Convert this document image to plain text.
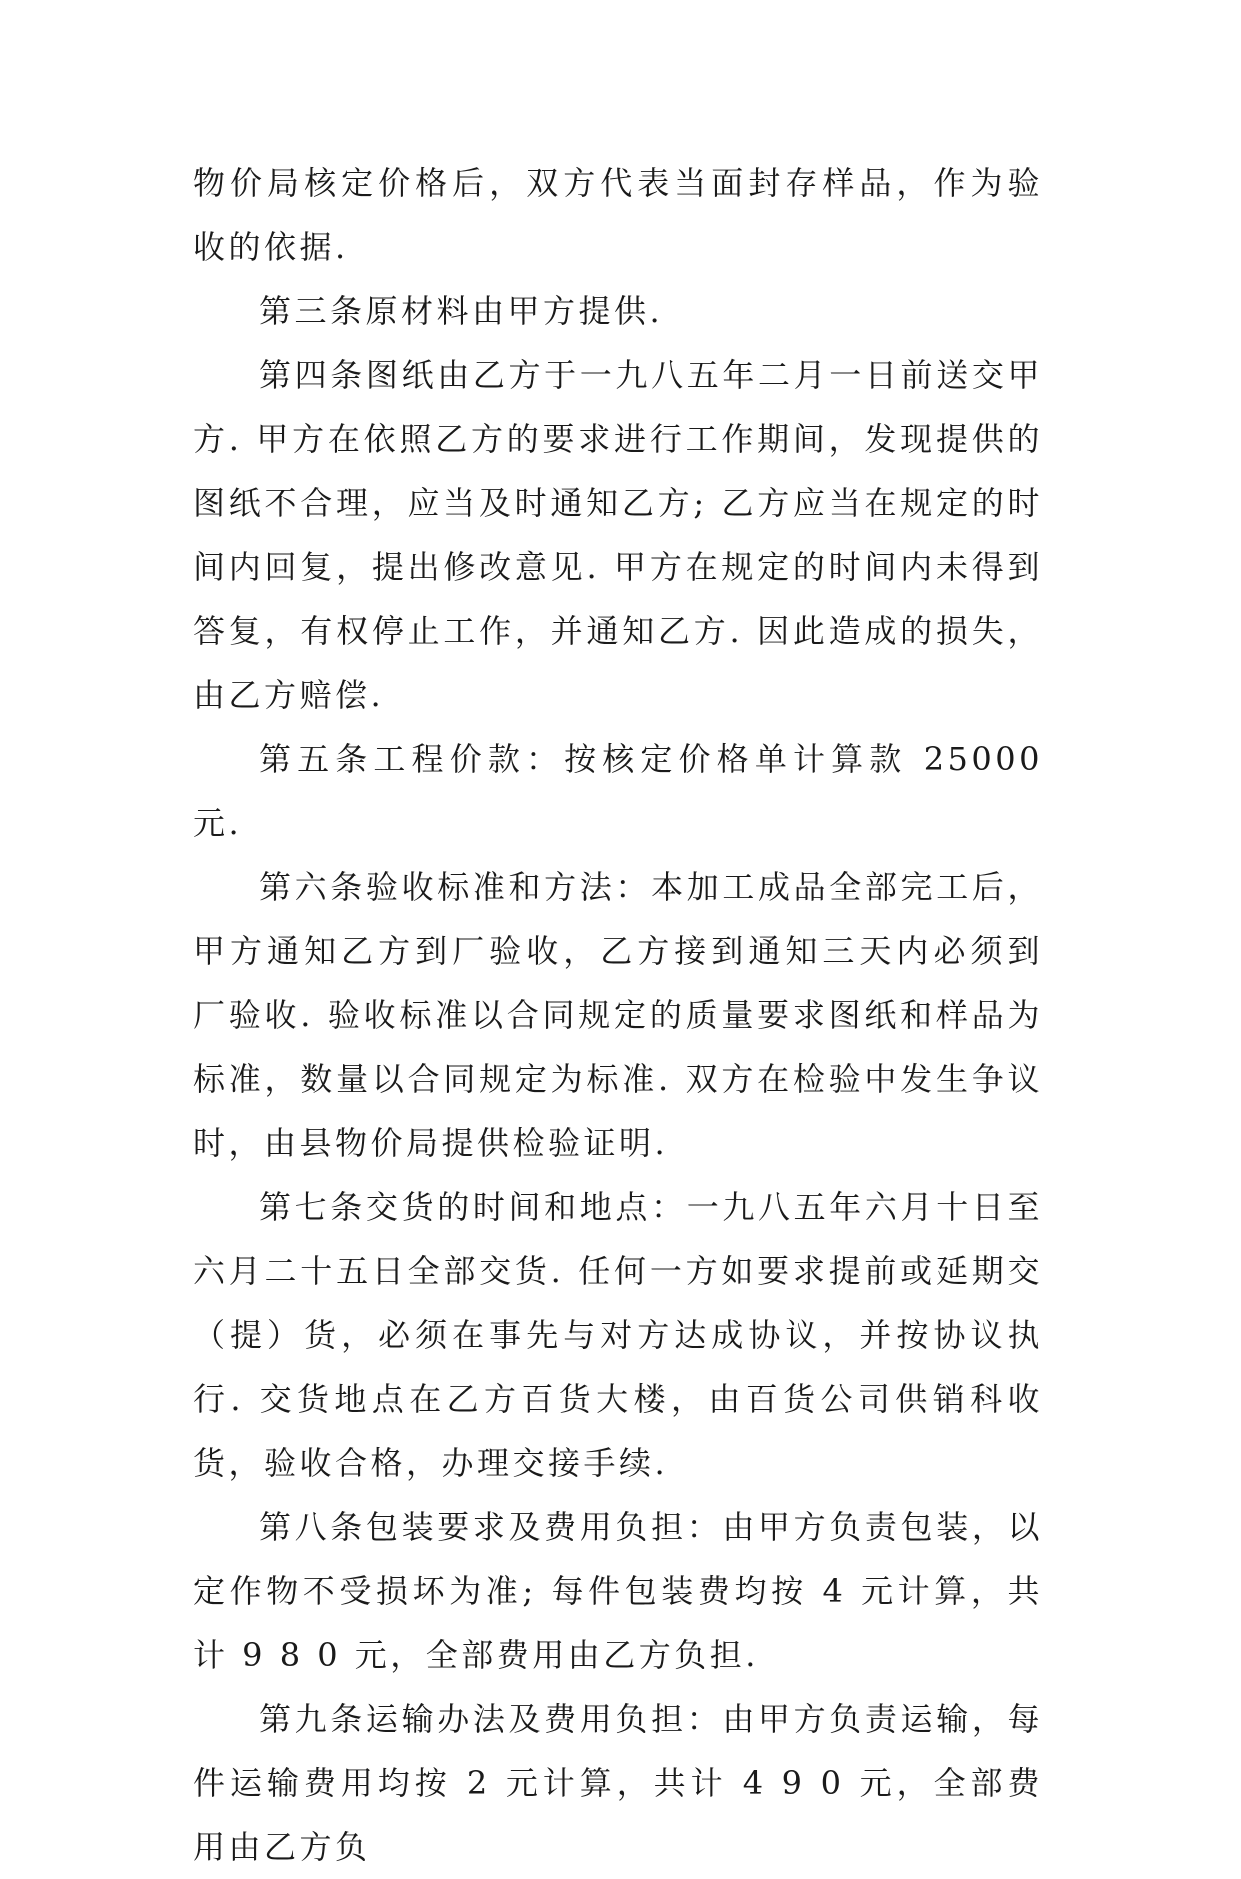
物价局核定价格后，双方代表当面封存样品，作为验收的依据.

第三条原材料由甲方提供.

第四条图纸由乙方于一九八五年二月一日前送交甲方. 甲方在依照乙方的要求进行工作期间，发现提供的图纸不合理，应当及时通知乙方; 乙方应当在规定的时间内回复，提出修改意见. 甲方在规定的时间内未得到答复，有权停止工作，并通知乙方. 因此造成的损失，由乙方赔偿.

第五条工程价款：按核定价格单计算款 25000 元.

第六条验收标准和方法：本加工成品全部完工后，甲方通知乙方到厂验收，乙方接到通知三天内必须到厂验收. 验收标准以合同规定的质量要求图纸和样品为标准，数量以合同规定为标准. 双方在检验中发生争议时，由县物价局提供检验证明.

第七条交货的时间和地点：一九八五年六月十日至六月二十五日全部交货. 任何一方如要求提前或延期交（提）货，必须在事先与对方达成协议，并按协议执行. 交货地点在乙方百货大楼，由百货公司供销科收货，验收合格，办理交接手续.

第八条包装要求及费用负担：由甲方负责包装，以定作物不受损坏为准; 每件包装费均按 4 元计算，共计 9 8 0 元，全部费用由乙方负担.

第九条运输办法及费用负担：由甲方负责运输，每件运输费用均按 2 元计算，共计 4 9 0 元，全部费用由乙方负
